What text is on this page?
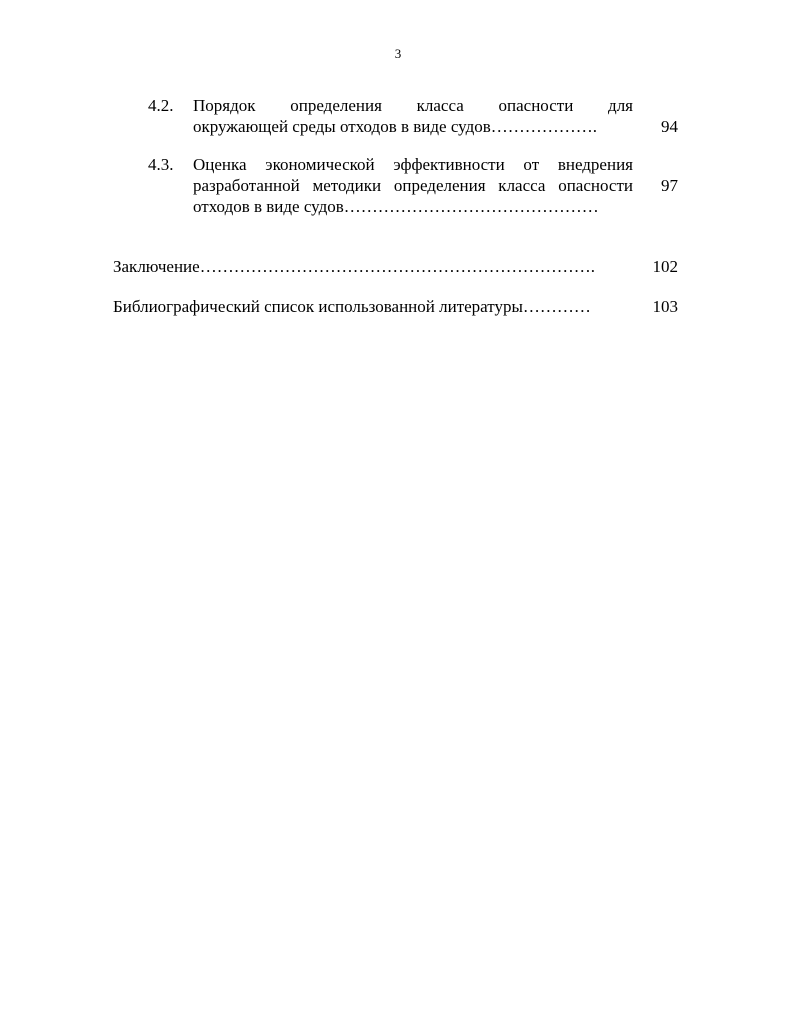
3
4.2.	Порядок определения класса опасности для
окружающей среды отходов в виде судов……………….	94
4.3.	Оценка экономической эффективности от внедрения
разработанной методики определения класса опасности
отходов в виде судов………………………………………
97
Заключение…………………………………………………………….	102
Библиографический список использованной литературы…………	103
